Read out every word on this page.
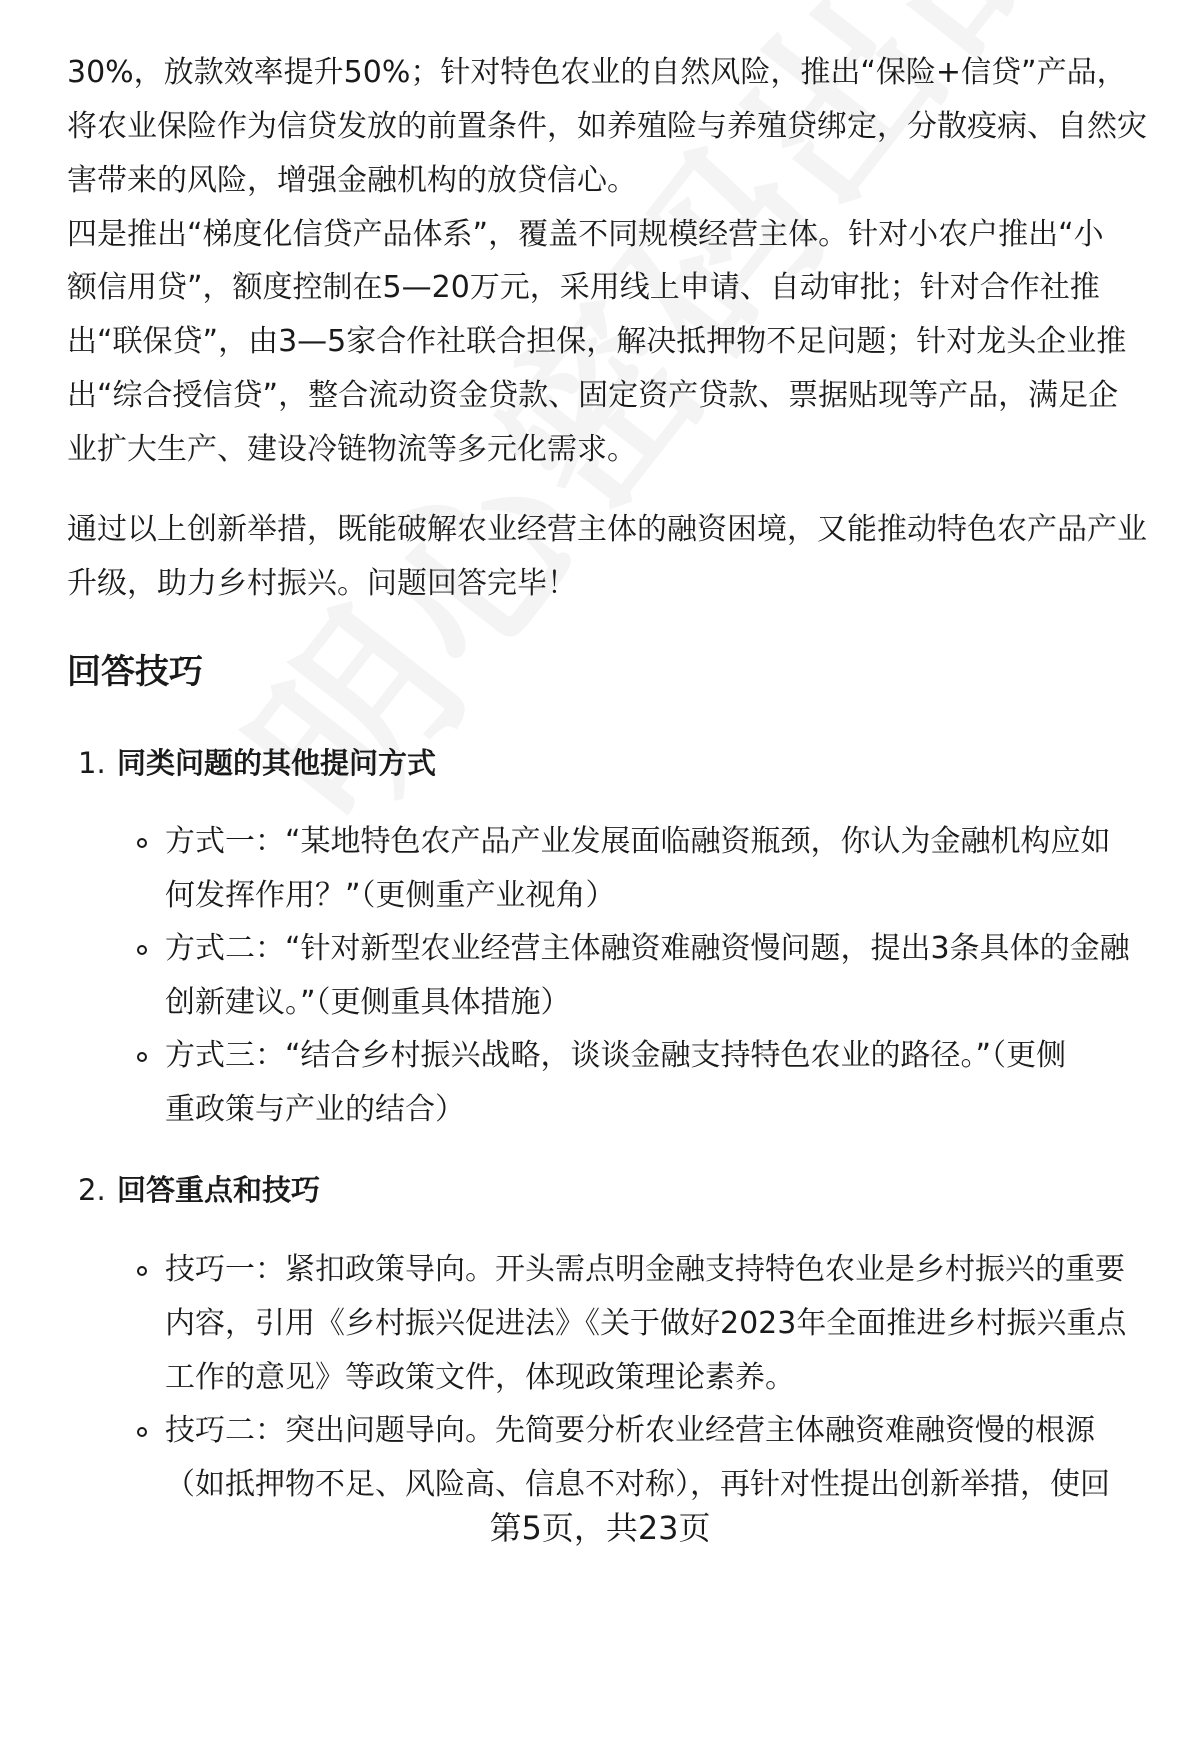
30%，放款效率提升50%；针对特色农业的自然风险，推出“保险+信贷”产品，
将农业保险作为信贷发放的前置条件，如养殖险与养殖贷绑定，分散疫病、自然灾
害带来的风险，增强金融机构的放贷信心。
四是推出“梯度化信贷产品体系”，覆盖不同规模经营主体。针对小农户推出“小
额信用贷”，额度控制在5—20万元，采用线上申请、自动审批；针对合作社推
出“联保贷”，由3—5家合作社联合担保，解决抵押物不足问题；针对龙头企业推
出“综合授信贷”，整合流动资金贷款、固定资产贷款、票据贴现等产品，满足企
业扩大生产、建设冷链物流等多元化需求。
通过以上创新举措，既能破解农业经营主体的融资困境，又能推动特色农产品产业
升级，助力乡村振兴。问题回答完毕！
回答技巧
1. 同类问题的其他提问方式
方式一：“某地特色农产品产业发展面临融资瓶颈，你认为金融机构应如
何发挥作用？”（更侧重产业视角）
方式二：“针对新型农业经营主体融资难融资慢问题，提出3条具体的金融
创新建议。”（更侧重具体措施）
方式三：“结合乡村振兴战略，谈谈金融支持特色农业的路径。”（更侧
重政策与产业的结合）
2. 回答重点和技巧
技巧一：紧扣政策导向。开头需点明金融支持特色农业是乡村振兴的重要
内容，引用《乡村振兴促进法》《关于做好2023年全面推进乡村振兴重点
工作的意见》等政策文件，体现政策理论素养。
技巧二：突出问题导向。先简要分析农业经营主体融资难融资慢的根源
（如抵押物不足、风险高、信息不对称），再针对性提出创新举措，使回
第5页，共23页
